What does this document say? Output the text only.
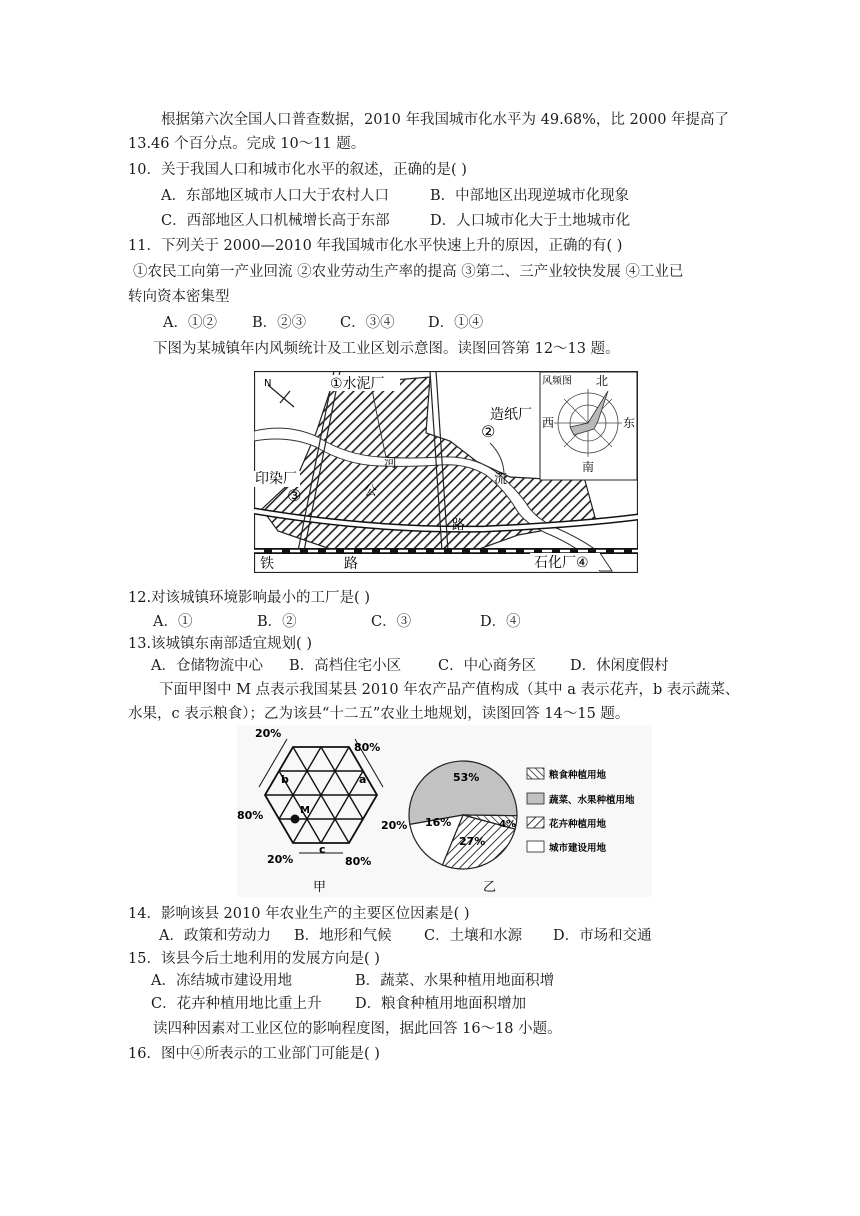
根据第六次全国人口普查数据，2010 年我国城市化水平为 49.68%，比 2000 年提高了
13.46 个百分点。完成 10～11 题。
10．关于我国人口和城市化水平的叙述，正确的是( )
A．东部地区城市人口大于农村人口	B．中部地区出现逆城市化现象
C．西部地区人口机械增长高于东部	D．人口城市化大于土地城市化
11．下列关于 2000—2010 年我国城市化水平快速上升的原因，正确的有( )
①农民工向第一产业回流 ②农业劳动生产率的提高 ③第二、三产业较快发展 ④工业已
转向资本密集型
A．①② B．②③ C．③④ D．①④
下图为某城镇年内风频统计及工业区划示意图。读图回答第 12～13 题。
N	①水泥厂
造纸厂
②
印染厂
③
石化厂④
河
流
公
路
铁	路
风频图 北
南
西	东
12.对该城镇环境影响最小的工厂是( )
A．①	B．②	C．③	D．④
13.该城镇东南部适宜规划( )
A．仓储物流中心 B．高档住宅小区	C．中心商务区 D．休闲度假村
下面甲图中 M 点表示我国某县 2010 年农产品产值构成（其中 a 表示花卉，b 表示蔬菜、
水果，c 表示粮食）；乙为该县“十二五”农业土地规划，读图回答 14～15 题。
20%
80%
80%
20%
20%	80%
a
b
c
M
甲
53%
4%
27%
16%
粮食种植用地
蔬菜、水果种植用地
花卉种植用地
城市建设用地
乙
14．影响该县 2010 年农业生产的主要区位因素是( )
A．政策和劳动力 B．地形和气候 C．土壤和水源 D．市场和交通
15．该县今后土地利用的发展方向是( )
A．冻结城市建设用地	B．蔬菜、水果种植用地面积增
C．花卉种植用地比重上升 D．粮食种植用地面积增加
读四种因素对工业区位的影响程度图，据此回答 16～18 小题。
16．图中④所表示的工业部门可能是( )
